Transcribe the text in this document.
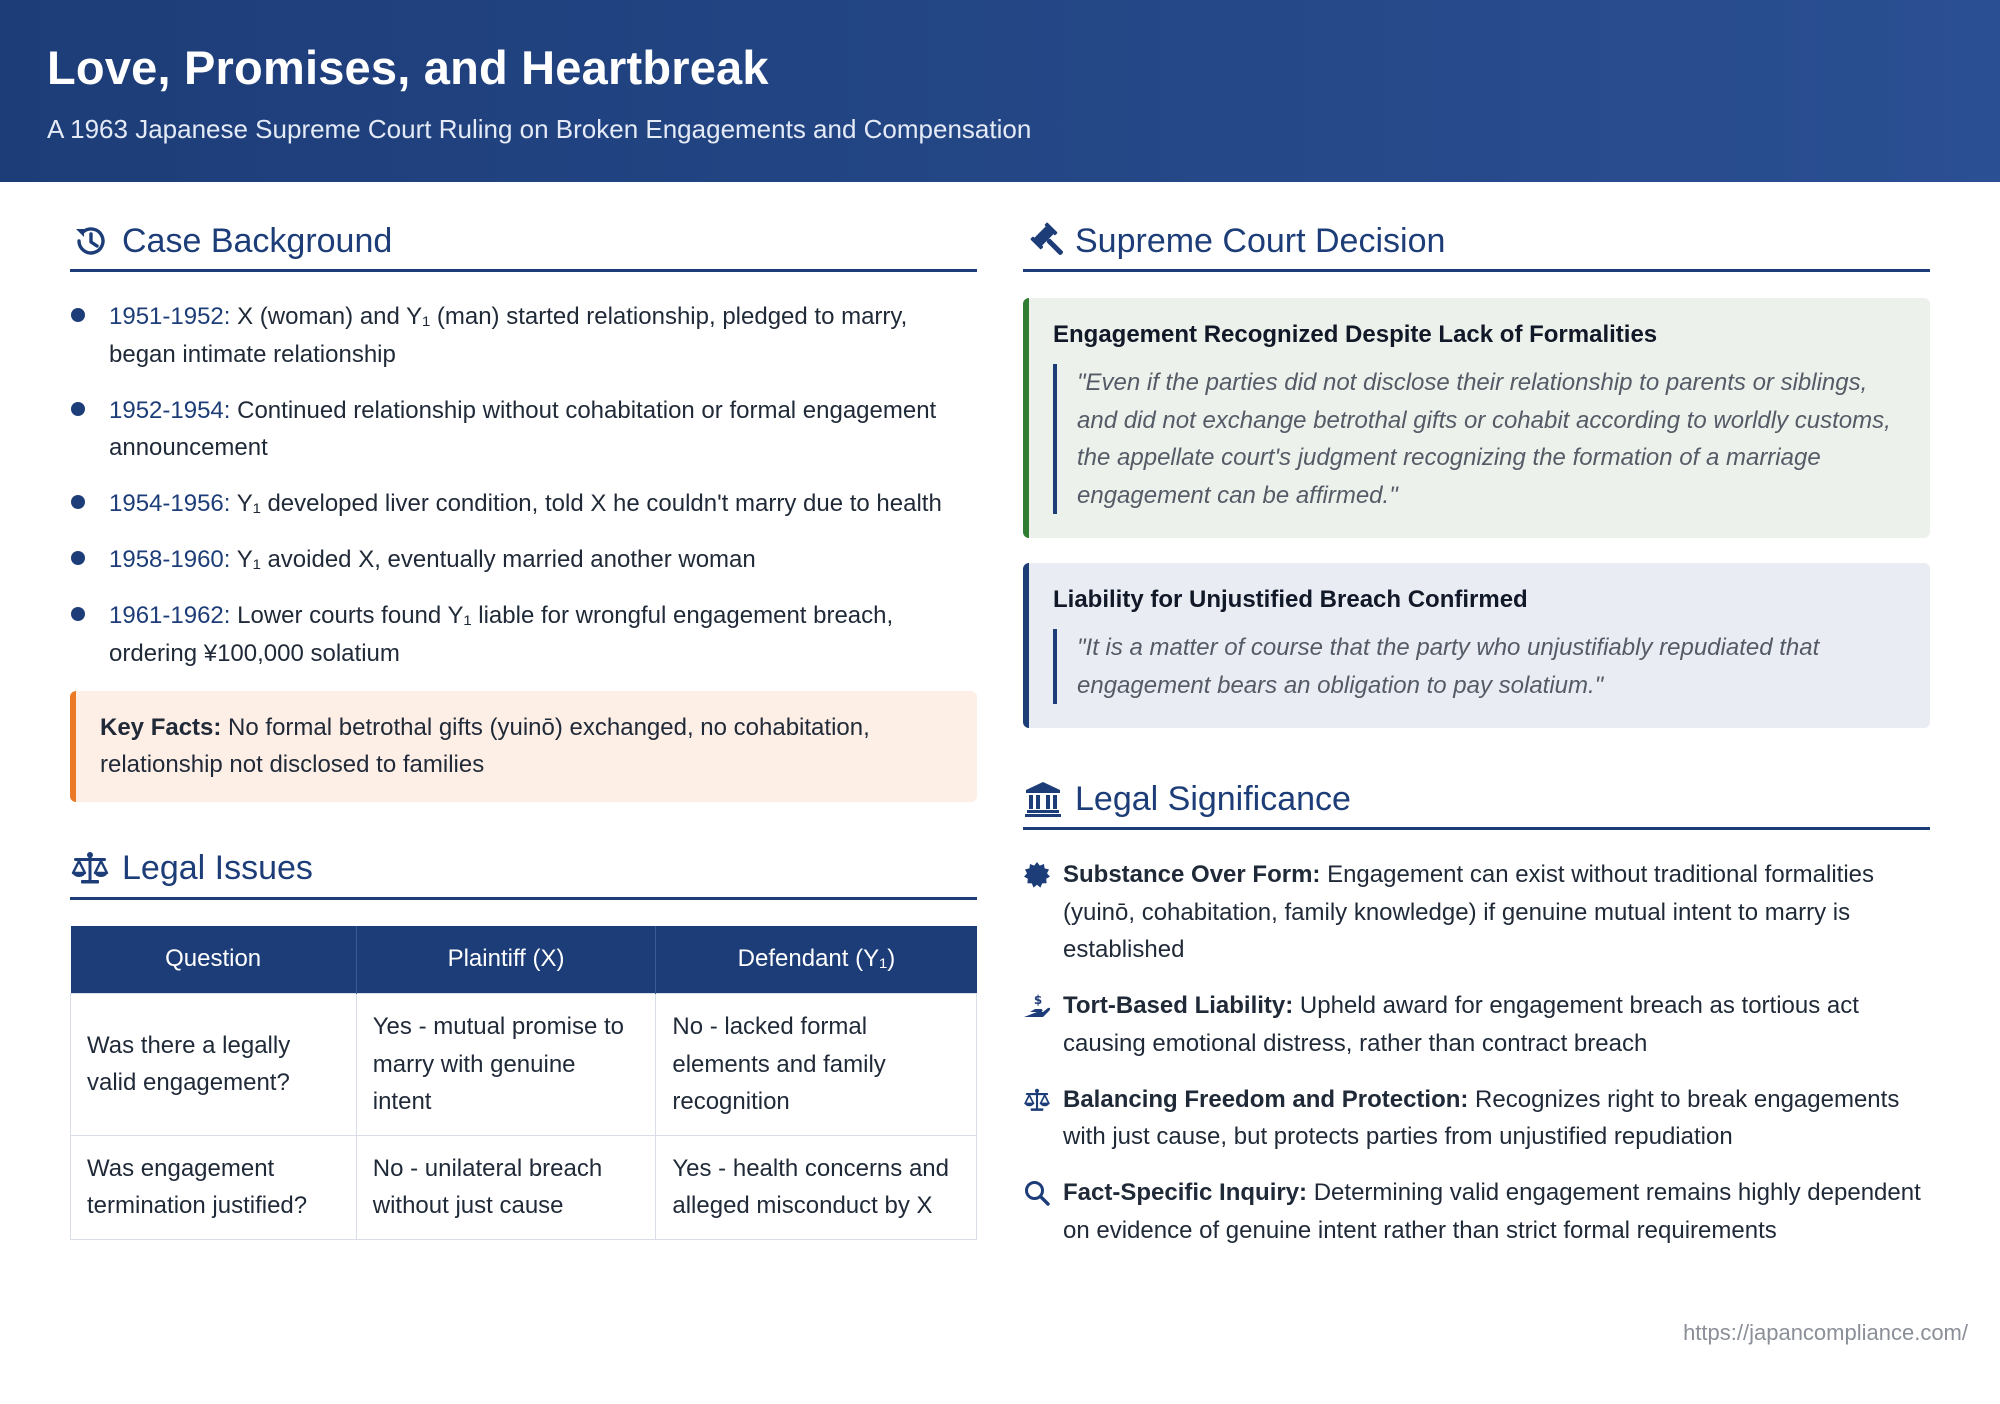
Love, Promises, and Heartbreak
A 1963 Japanese Supreme Court Ruling on Broken Engagements and Compensation
Case Background
1951-1952: X (woman) and Y₁ (man) started relationship, pledged to marry, began intimate relationship
1952-1954: Continued relationship without cohabitation or formal engagement announcement
1954-1956: Y₁ developed liver condition, told X he couldn't marry due to health
1958-1960: Y₁ avoided X, eventually married another woman
1961-1962: Lower courts found Y₁ liable for wrongful engagement breach, ordering ¥100,000 solatium
Key Facts: No formal betrothal gifts (yuinō) exchanged, no cohabitation, relationship not disclosed to families
Legal Issues
Question	Plaintiff (X)	Defendant (Y₁)
Was there a legally valid engagement?	Yes - mutual promise to marry with genuine intent	No - lacked formal elements and family recognition
Was engagement termination justified?	No - unilateral breach without just cause	Yes - health concerns and alleged misconduct by X
Supreme Court Decision
Engagement Recognized Despite Lack of Formalities
"Even if the parties did not disclose their relationship to parents or siblings, and did not exchange betrothal gifts or cohabit according to worldly customs, the appellate court's judgment recognizing the formation of a marriage engagement can be affirmed."
Liability for Unjustified Breach Confirmed
"It is a matter of course that the party who unjustifiably repudiated that engagement bears an obligation to pay solatium."
Legal Significance
Substance Over Form: Engagement can exist without traditional formalities (yuinō, cohabitation, family knowledge) if genuine mutual intent to marry is established
$ Tort-Based Liability: Upheld award for engagement breach as tortious act causing emotional distress, rather than contract breach
Balancing Freedom and Protection: Recognizes right to break engagements with just cause, but protects parties from unjustified repudiation
Fact-Specific Inquiry: Determining valid engagement remains highly dependent on evidence of genuine intent rather than strict formal requirements
https://japancompliance.com/
